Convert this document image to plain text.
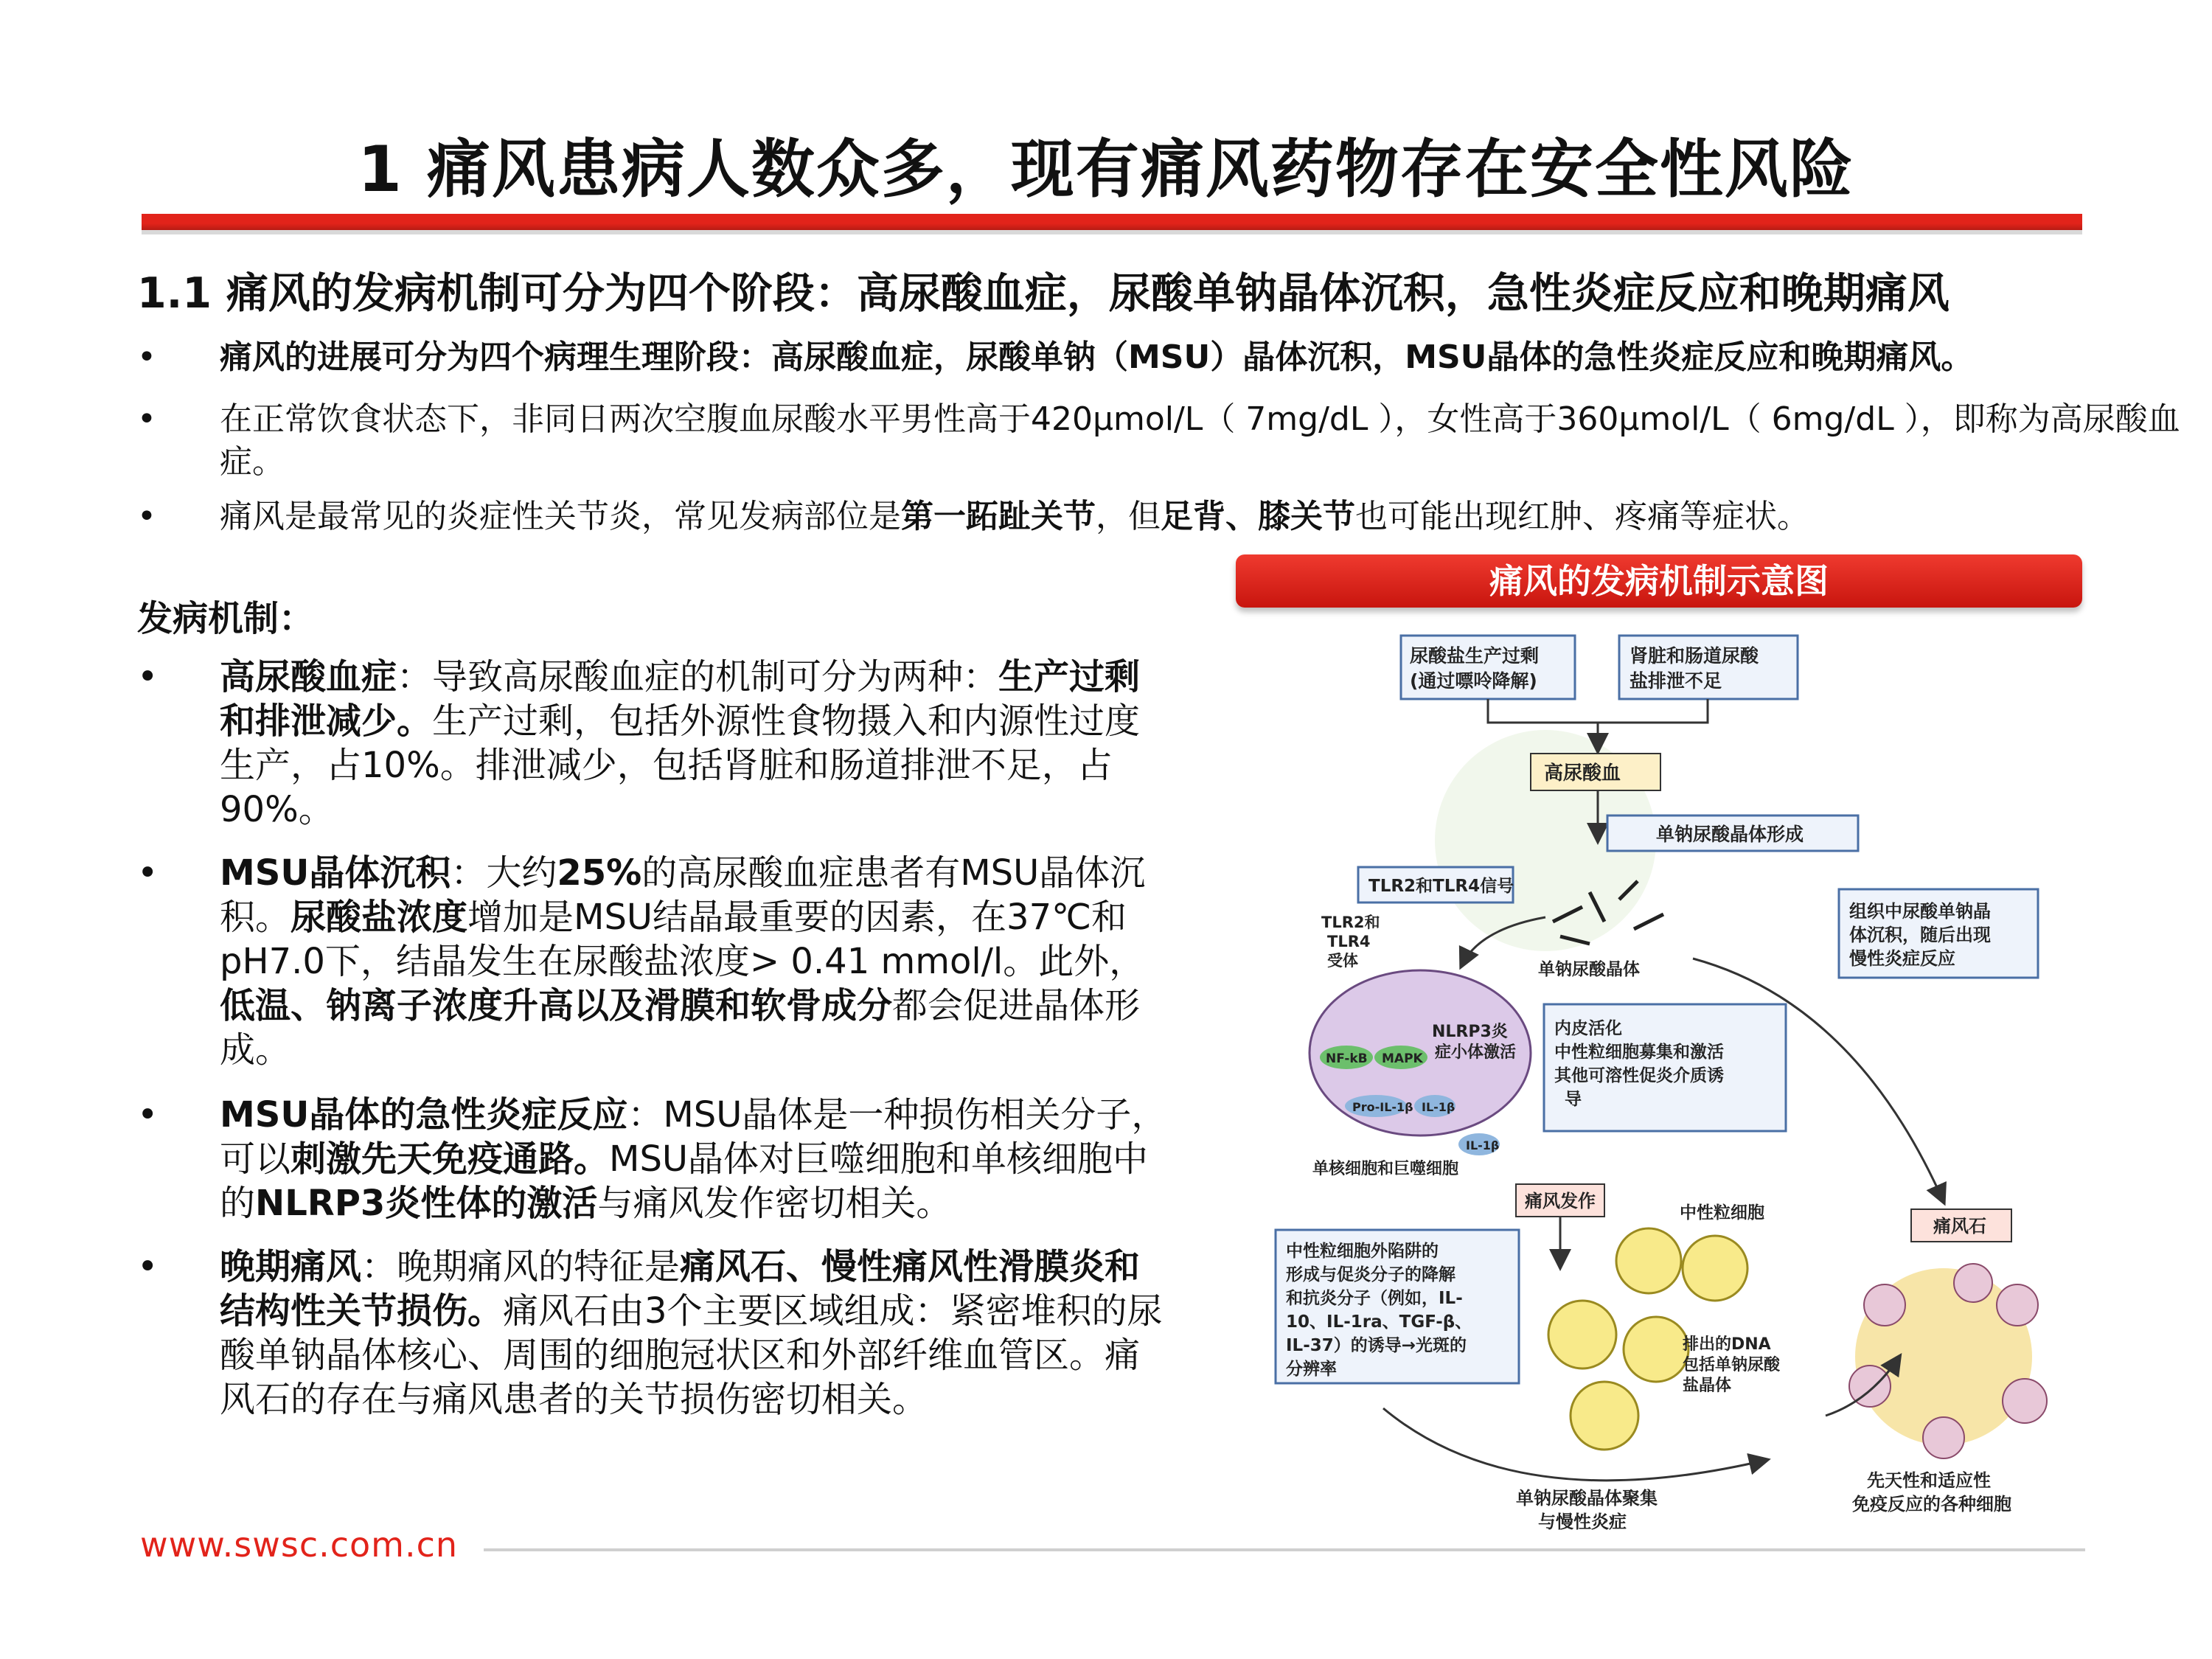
1 痛风患病人数众多，现有痛风药物存在安全性风险
1.1 痛风的发病机制可分为四个阶段：高尿酸血症，尿酸单钠晶体沉积，急性炎症反应和晚期痛风
•	痛风的进展可分为四个病理生理阶段：高尿酸血症，尿酸单钠（MSU）晶体沉积，MSU晶体的急性炎症反应和晚期痛风。
•	在正常饮食状态下，非同日两次空腹血尿酸水平男性高于420μmol/L（ 7mg/dL ），女性高于360μmol/L（ 6mg/dL ），即称为高尿酸血症。
•	痛风是最常见的炎症性关节炎，常见发病部位是第一跖趾关节，但足背、膝关节也可能出现红肿、疼痛等症状。
发病机制：
• 高尿酸血症：导致高尿酸血症的机制可分为两种：生产过剩和排泄减少。生产过剩，包括外源性食物摄入和内源性过度生产，占10%。排泄减少，包括肾脏和肠道排泄不足，占90%。
• MSU晶体沉积：大约25%的高尿酸血症患者有MSU晶体沉积。尿酸盐浓度增加是MSU结晶最重要的因素，在37℃和pH7.0下，结晶发生在尿酸盐浓度> 0.41 mmol/l。此外，低温、钠离子浓度升高以及滑膜和软骨成分都会促进晶体形成。
• MSU晶体的急性炎症反应：MSU晶体是一种损伤相关分子，可以刺激先天免疫通路。MSU晶体对巨噬细胞和单核细胞中的NLRP3炎性体的激活与痛风发作密切相关。
• 晚期痛风：晚期痛风的特征是痛风石、慢性痛风性滑膜炎和结构性关节损伤。痛风石由3个主要区域组成：紧密堆积的尿酸单钠晶体核心、周围的细胞冠状区和外部纤维血管区。痛风石的存在与痛风患者的关节损伤密切相关。
痛风的发病机制示意图
尿酸盐生产过剩
(通过嘌呤降解)
肾脏和肠道尿酸
盐排泄不足
高尿酸血
单钠尿酸晶体形成
TLR2和TLR4信号
TLR2和
TLR4
受体	单钠尿酸晶体
组织中尿酸单钠晶
体沉积，随后出现
慢性炎症反应
NLRP3炎
症小体激活
NF-kB MAPK
Pro-IL-1β IL-1β
IL-1β
单核细胞和巨噬细胞
内皮活化
中性粒细胞募集和激活
其他可溶性促炎介质诱
导
痛风发作
中性粒细胞
痛风石
中性粒细胞外陷阱的
形成与促炎分子的降解
和抗炎分子（例如，IL-
10、IL-1ra、TGF-β、
IL-37）的诱导→光斑的
分辨率
排出的DNA
包括单钠尿酸
盐晶体
单钠尿酸晶体聚集
与慢性炎症
先天性和适应性
免疫反应的各种细胞
www.swsc.com.cn
